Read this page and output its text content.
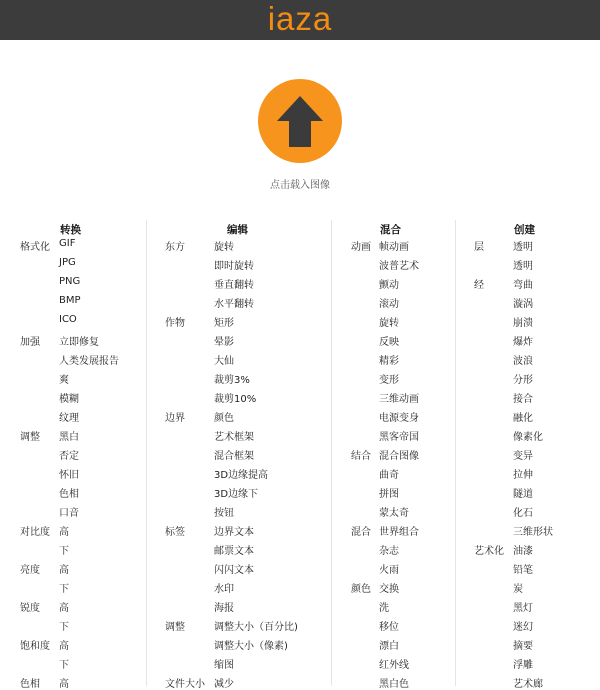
iaza
点击载入图像
转换
格式化 GIF
JPG
PNG
BMP
ICO
加强 立即修复
人类发展报告
爽
模糊
纹理
调整 黑白
否定
怀旧
色相
口音
对比度 高
下
亮度 高
下
锐度 高
下
饱和度 高
下
色相 高
编辑
东方	旋转
即时旋转
垂直翻转
水平翻转
作物	矩形
晕影
大仙
裁剪3%
裁剪10%
边界	颜色
艺术框架
混合框架
3D边缘提高
3D边缘下
按钮
标签	边界文本
邮票文本
闪闪文本
水印
海报
调整	调整大小（百分比)
调整大小（像素)
缩图
文件大小 减少
混合
动画 帧动画
波普艺术
颤动
滚动
旋转
反映
精彩
变形
三维动画
电源变身
黑客帝国
结合 混合图像
曲奇
拼图
蒙太奇
混合 世界组合
杂志
火雨
颜色 交换
洗
移位
漂白
红外线
黑白色
创建
层	透明
透明
经	弯曲
漩涡
崩溃
爆炸
波浪
分形
接合
融化
像素化
变异
拉伸
隧道
化石
三维形状
艺术化 油漆
铅笔
炭
黑灯
迷幻
摘要
浮雕
艺术廊
